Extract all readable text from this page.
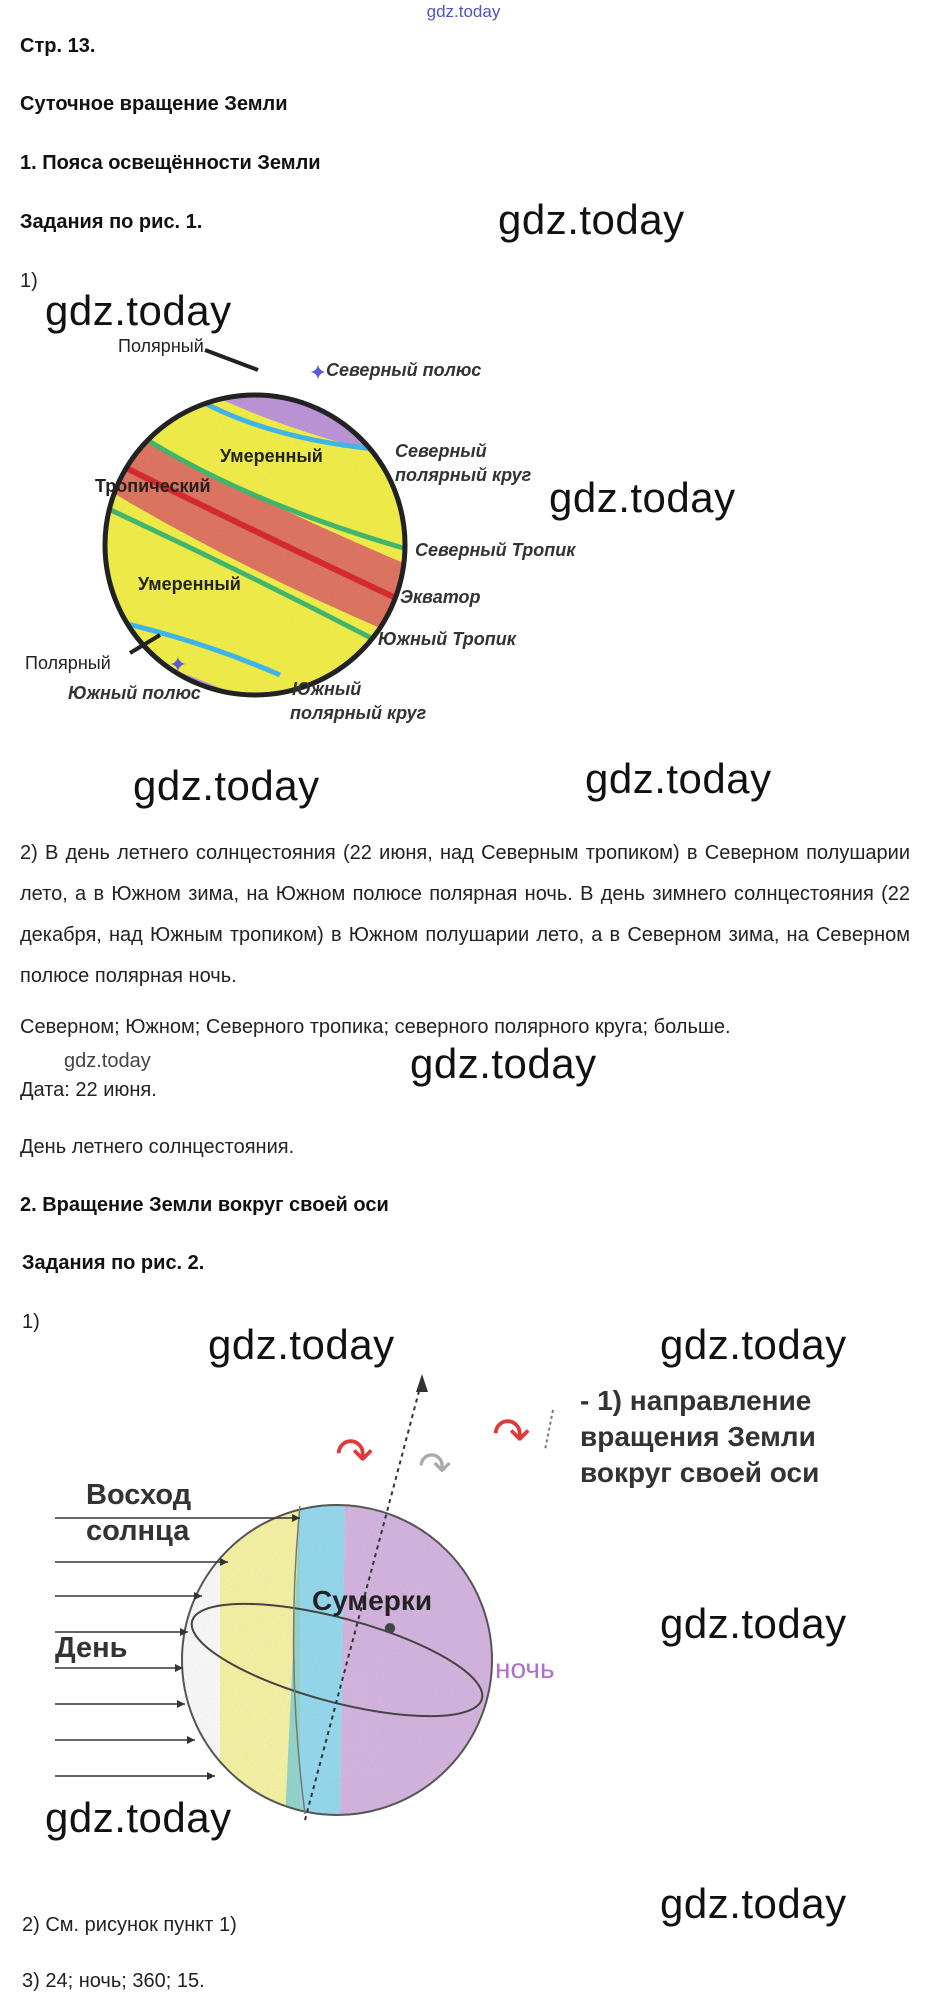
gdz.today
Стр. 13.
Суточное вращение Земли
1. Пояса освещённости Земли
Задания по рис. 1.
1)
gdz.today
gdz.today
gdz.today
gdz.today	gdz.today
✦
✦
Полярный
Умеренный
Тропический
Умеренный
Полярный
Северный полюс
Северный
полярный круг
Северный Тропик
Экватор
Южный Тропик
Южный
полярный круг
Южный полюс
2) В день летнего солнцестояния (22 июня, над Северным тропиком) в Северном полушарии лето, а в Южном зима, на Южном полюсе полярная ночь. В день зимнего солнцестояния (22 декабря, над Южным тропиком) в Южном полушарии лето, а в Северном зима, на Северном полюсе полярная ночь.
Северном; Южном; Северного тропика; северного полярного круга; больше.
gdz.today	gdz.today
Дата: 22 июня.
День летнего солнцестояния.
2. Вращение Земли вокруг своей оси
Задания по рис. 2.
1)	gdz.today	gdz.today
gdz.today
gdz.today
gdz.today
↷ ↷
↷
●
Восход
солнца
День
Сумерки
ночь
- 1) направление
вращения Земли
вокруг своей оси
2) См. рисунок пункт 1)
3) 24; ночь; 360; 15.
